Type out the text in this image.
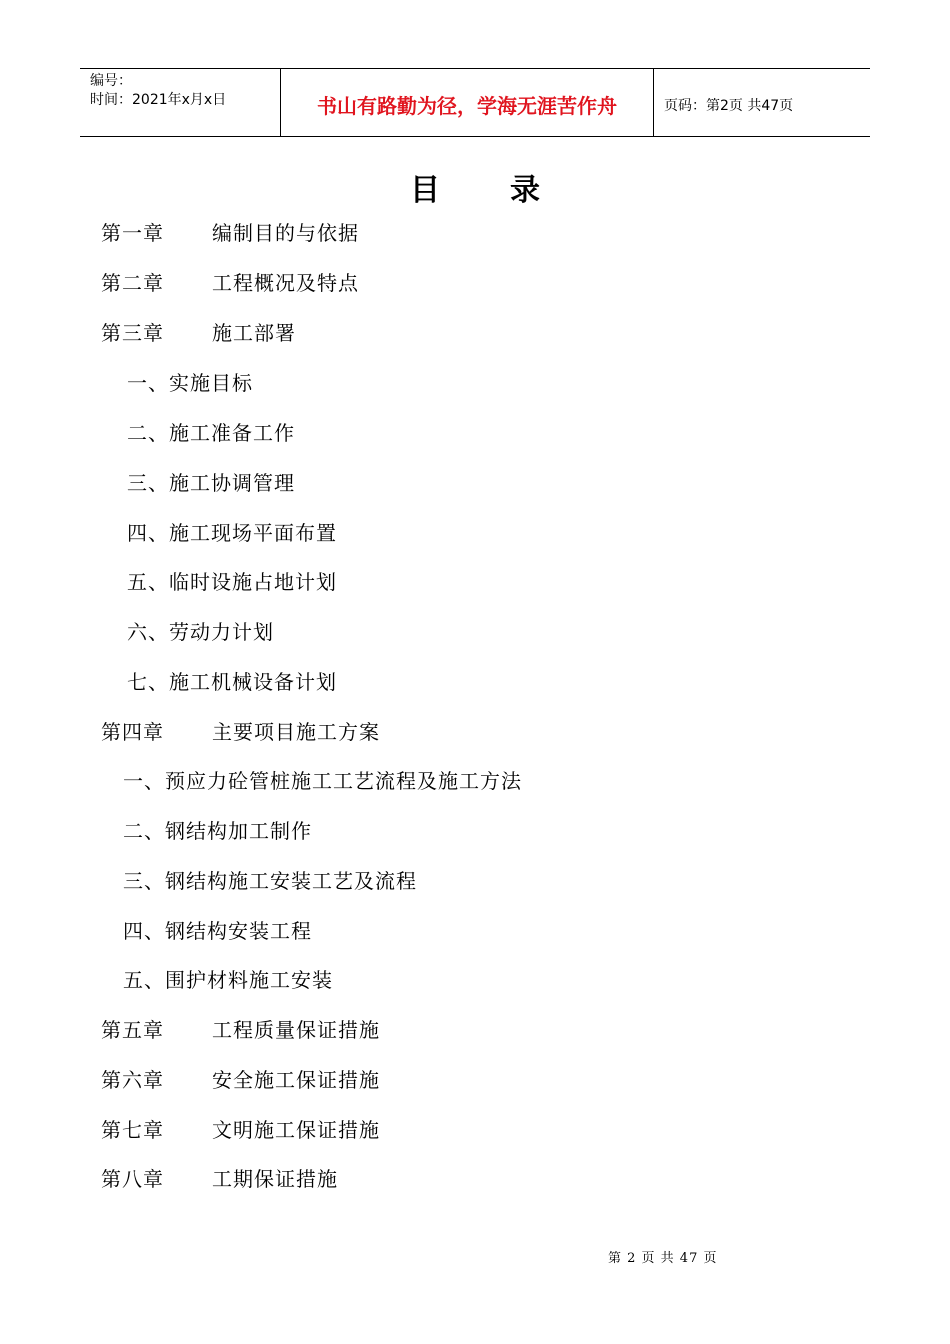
编号：
时间：2021年x月x日	书山有路勤为径，学海无涯苦作舟	页码：第2页 共47页
目 录
第一章 编制目的与依据
第二章 工程概况及特点
第三章 施工部署
一、实施目标
二、施工准备工作
三、施工协调管理
四、施工现场平面布置
五、临时设施占地计划
六、劳动力计划
七、施工机械设备计划
第四章 主要项目施工方案
一、预应力砼管桩施工工艺流程及施工方法
二、钢结构加工制作
三、钢结构施工安装工艺及流程
四、钢结构安装工程
五、围护材料施工安装
第五章 工程质量保证措施
第六章 安全施工保证措施
第七章 文明施工保证措施
第八章 工期保证措施
第 2 页 共 47 页
